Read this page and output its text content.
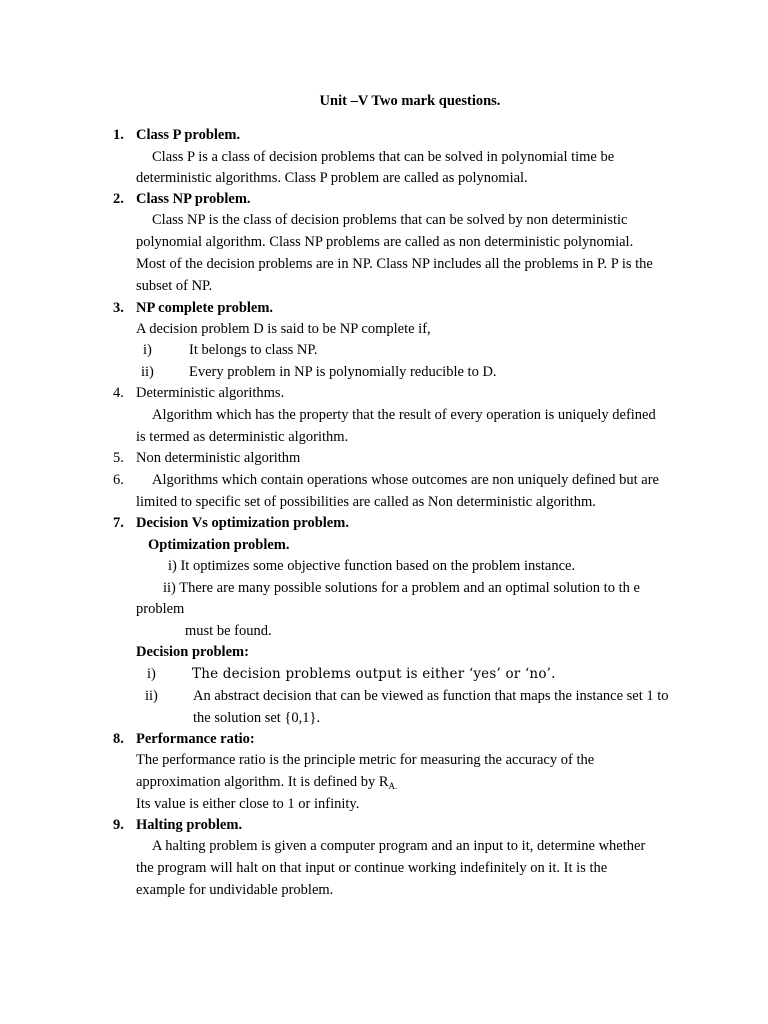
Unit –V Two mark questions.
1. Class P problem.
Class P is a class of decision problems that can be solved in polynomial time be
deterministic algorithms. Class P problem are called as polynomial.
2. Class NP problem.
Class NP is the class of decision problems that can be solved by non deterministic
polynomial algorithm. Class NP problems are called as non deterministic polynomial.
Most of the decision problems are in NP. Class NP includes all the problems in P. P is the
subset of NP.
3. NP complete problem.
A decision problem D is said to be NP complete if,
i)	It belongs to class NP.
ii) Every problem in NP is polynomially reducible to D.
4. Deterministic algorithms.
Algorithm which has the property that the result of every operation is uniquely defined
is termed as deterministic algorithm.
5. Non deterministic algorithm
6. Algorithms which contain operations whose outcomes are non uniquely defined but are
limited to specific set of possibilities are called as Non deterministic algorithm.
7. Decision Vs optimization problem.
Optimization problem.
i) It optimizes some objective function based on the problem instance.
ii) There are many possible solutions for a problem and an optimal solution to th e
problem
must be found.
Decision problem:
i)	The decision problems output is either ‘yes’ or ‘no’.
ii) An abstract decision that can be viewed as function that maps the instance set 1 to
the solution set {0,1}.
8. Performance ratio:
The performance ratio is the principle metric for measuring the accuracy of the
approximation algorithm. It is defined by $R_{A.}$
Its value is either close to 1 or infinity.
9. Halting problem.
A halting problem is given a computer program and an input to it, determine whether
the program will halt on that input or continue working indefinitely on it. It is the
example for undividable problem.
